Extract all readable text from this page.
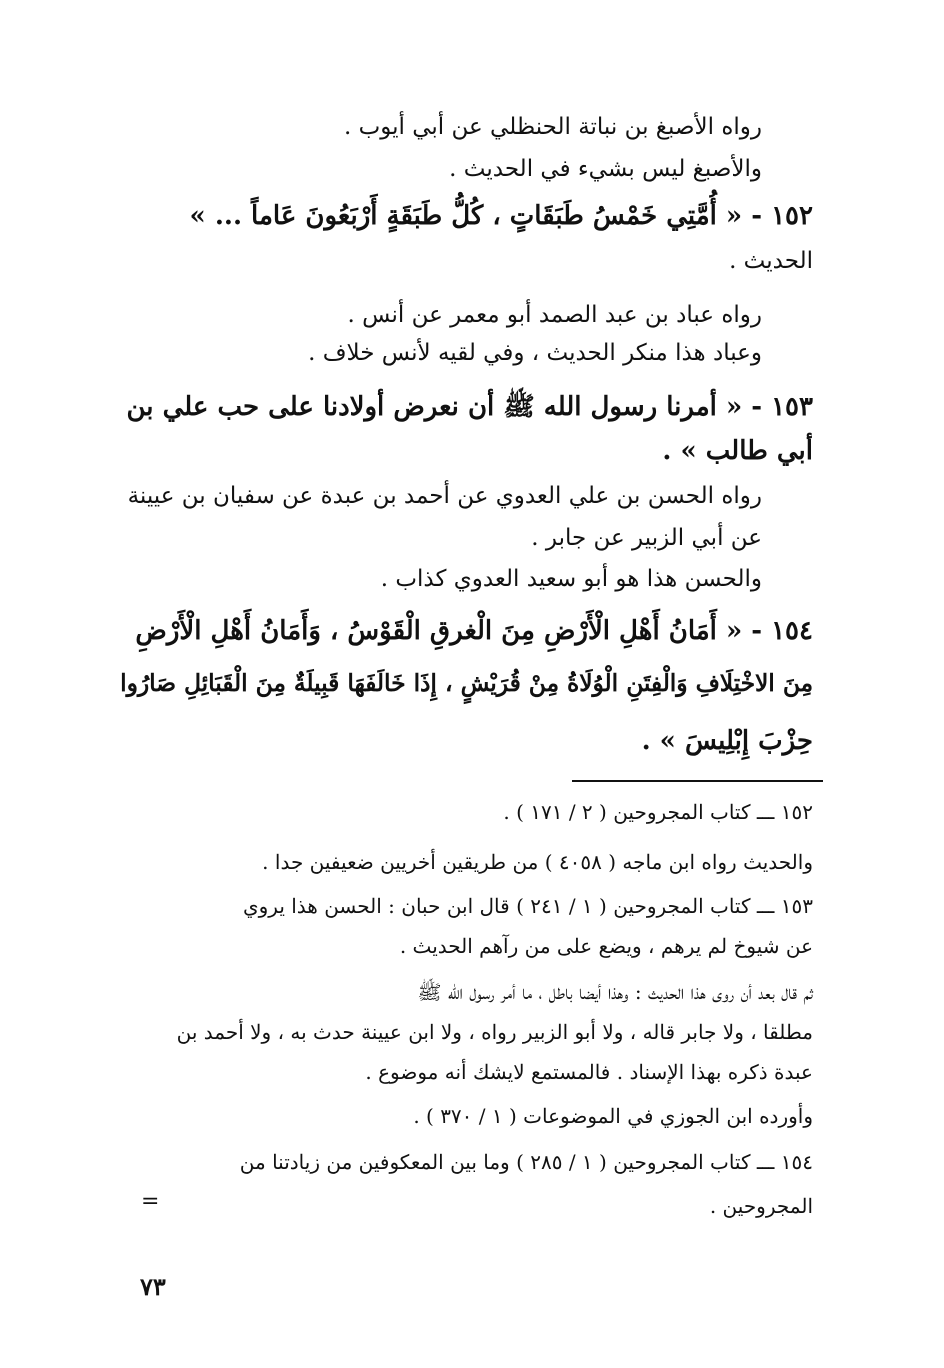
رواه الأصبغ بن نباتة الحنظلي عن أبي أيوب .
والأصبغ ليس بشيء في الحديث .
١٥٢ - « أُمَّتِي خَمْسُ طَبَقَاتٍ ، كُلُّ طَبَقَةٍ أَرْبَعُونَ عَاماً ... »
الحديث .
رواه عباد بن عبد الصمد أبو معمر عن أنس .
وعباد هذا منكر الحديث ، وفي لقيه لأنس خلاف .
١٥٣ - « أمرنا رسول الله ﷺ أن نعرض أولادنا على حب علي بن
أبي طالب » .
رواه الحسن بن علي العدوي عن أحمد بن عبدة عن سفيان بن عيينة
عن أبي الزبير عن جابر .
والحسن هذا هو أبو سعيد العدوي كذاب .
١٥٤ - « أَمَانُ أَهْلِ الْأَرْضِ مِنَ الْغرقِ الْقَوْسُ ، وَأَمَانُ أَهْلِ الْأَرْضِ
مِنَ الاخْتِلَافِ وَالْفِتَنِ الْوُلَاةُ مِنْ قُرَيْشٍ ، إِذَا خَالَفَهَا قَبِيلَةٌ مِنَ الْقَبَائِلِ صَارُوا
حِزْبَ إِبْلِيسَ » .
١٥٢ ـــ كتاب المجروحين ( ٢ / ١٧١ ) .
والحديث رواه ابن ماجه ( ٤٠٥٨ ) من طريقين أخريين ضعيفين جدا .
١٥٣ ـــ كتاب المجروحين ( ١ / ٢٤١ ) قال ابن حبان : الحسن هذا يروي
عن شيوخ لم يرهم ، ويضع على من رآهم الحديث .
ثم قال بعد أن روى هذا الحديث : وهذا أيضا باطل ، ما أمر رسول الله ﷺ
مطلقا ، ولا جابر قاله ، ولا أبو الزبير رواه ، ولا ابن عيينة حدث به ، ولا أحمد بن
عبدة ذكره بهذا الإسناد . فالمستمع لايشك أنه موضوع .
وأورده ابن الجوزي في الموضوعات ( ١ / ٣٧٠ ) .
١٥٤ ـــ كتاب المجروحين ( ١ / ٢٨٥ ) وما بين المعكوفين من زيادتنا من
المجروحين .
=
٧٣
